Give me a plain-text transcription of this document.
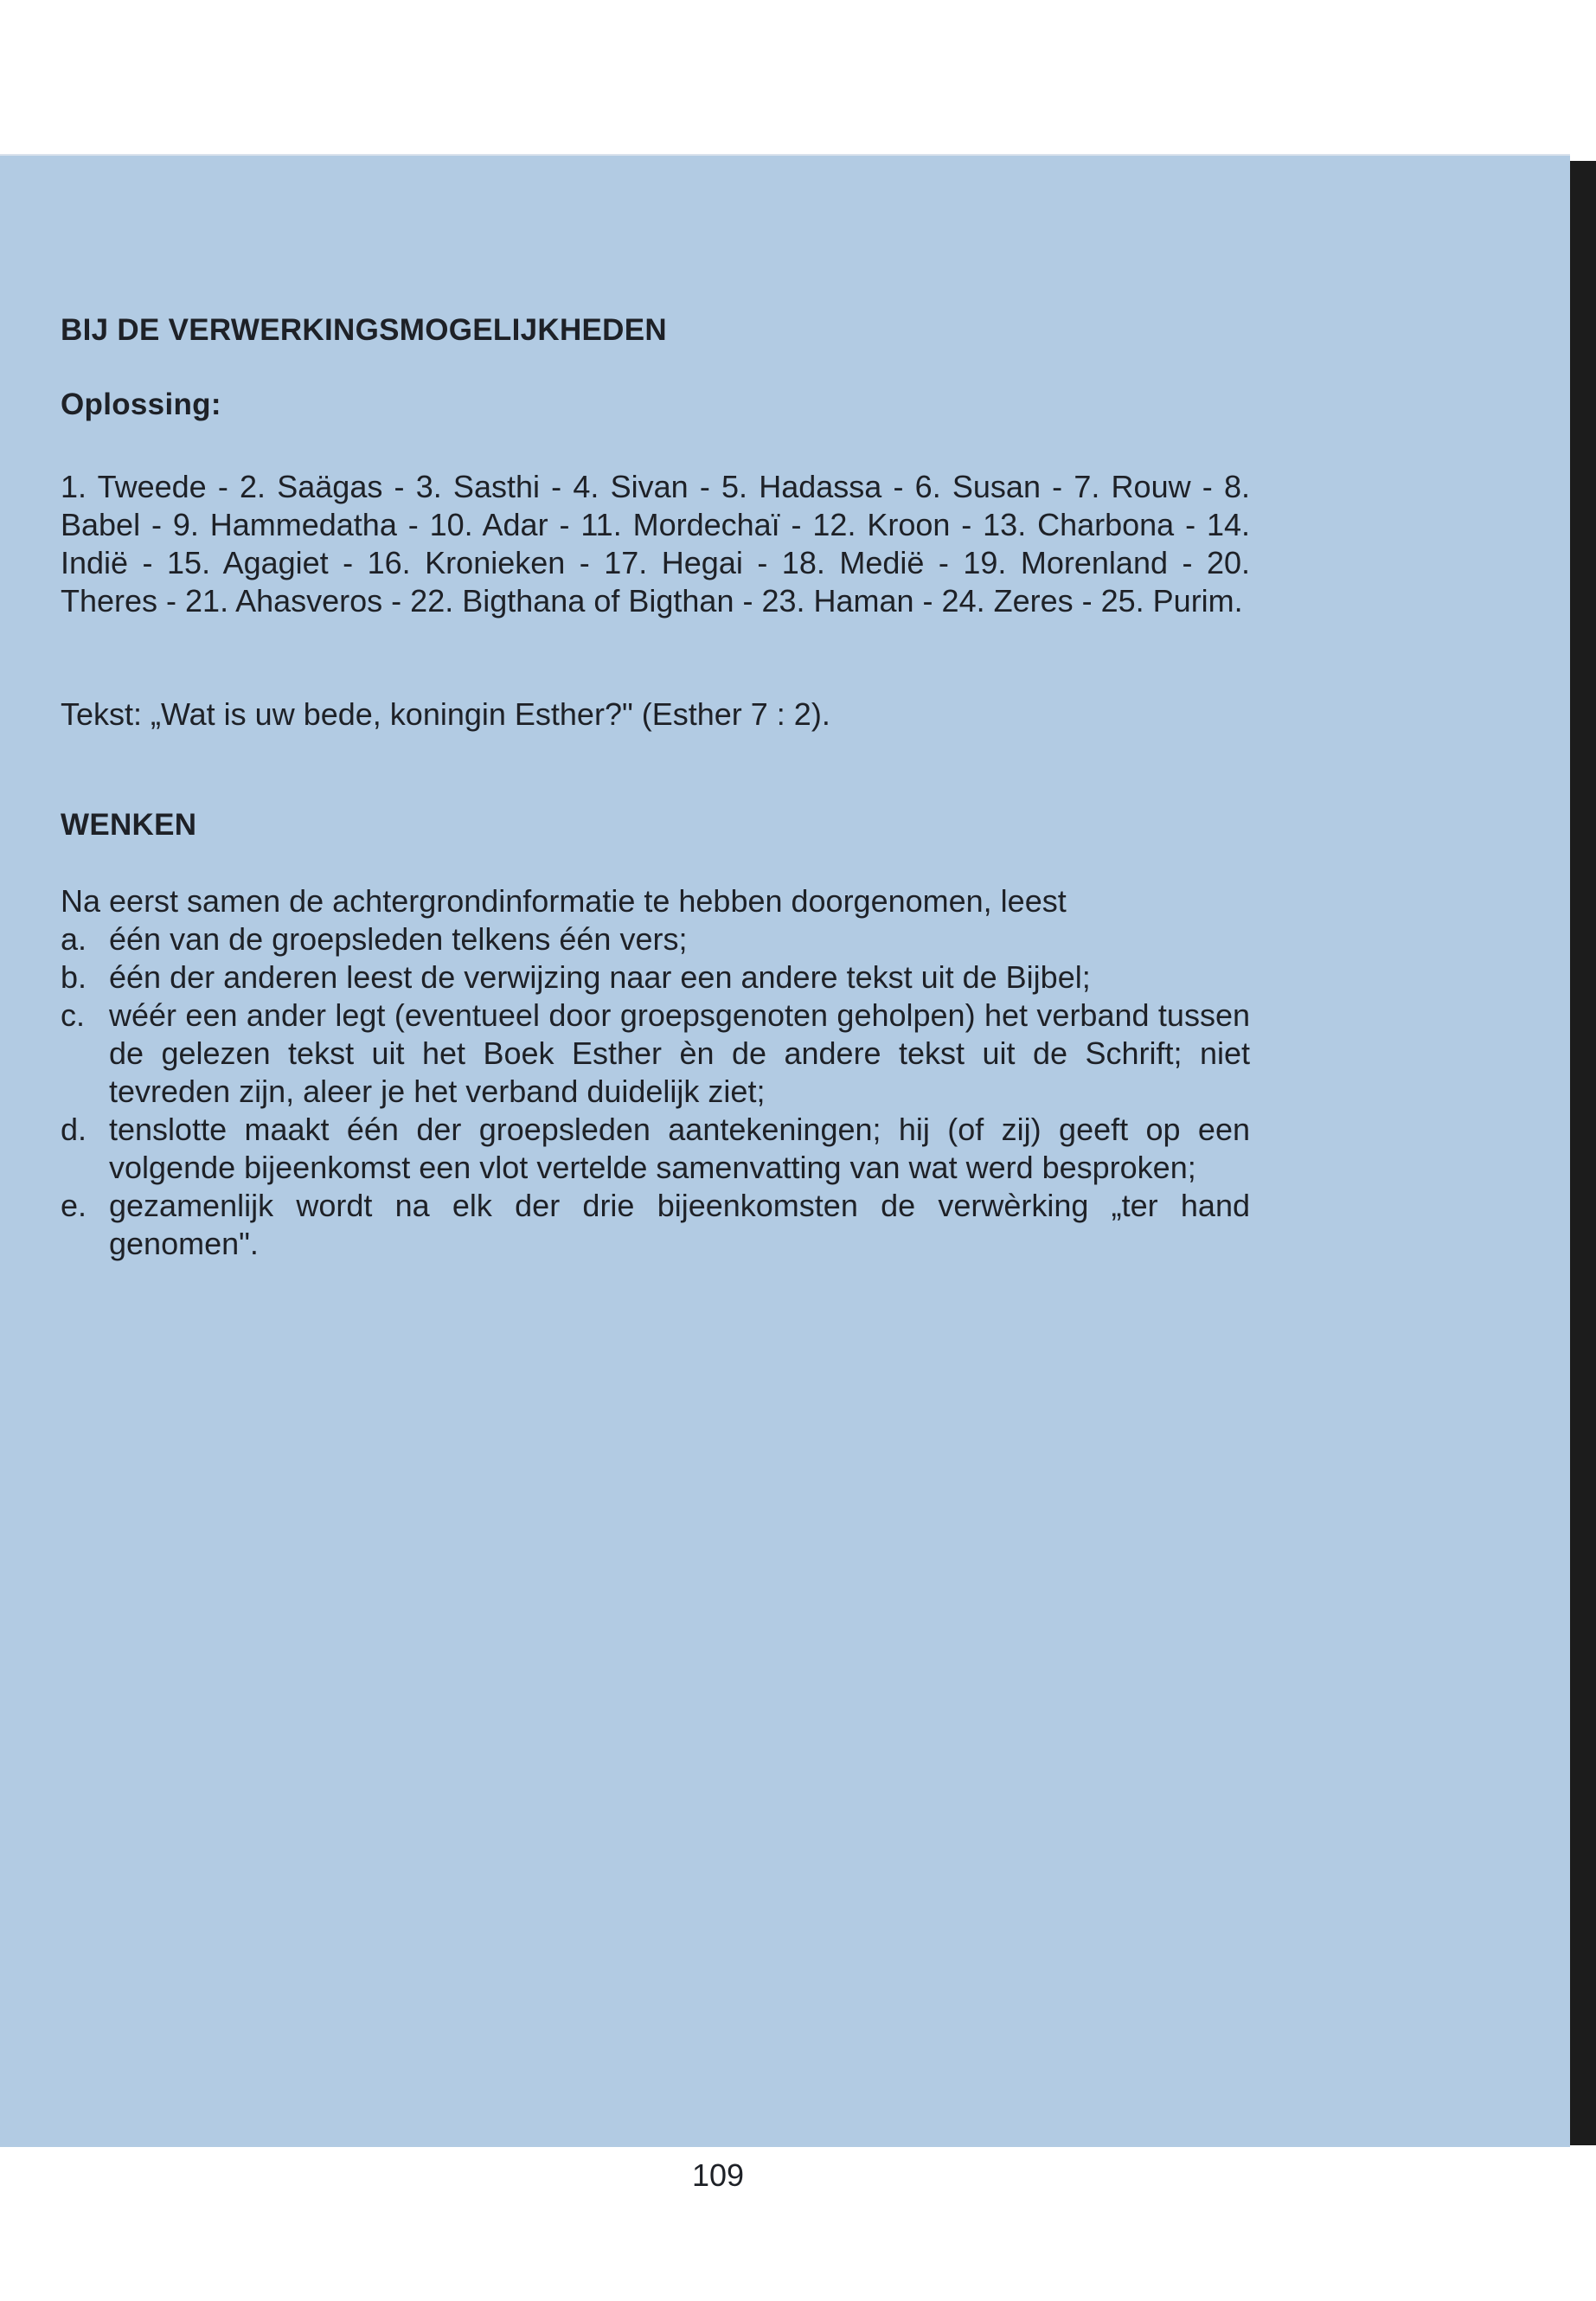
BIJ DE VERWERKINGSMOGELIJKHEDEN
Oplossing:

1. Tweede - 2. Saägas - 3. Sasthi - 4. Sivan - 5. Hadassa - 6. Susan - 7. Rouw - 8. Babel - 9. Hammedatha - 10. Adar - 11. Mordechaï - 12. Kroon - 13. Charbona - 14. Indië - 15. Agagiet - 16. Kronieken - 17. Hegai - 18. Medië - 19. Morenland - 20. Theres - 21. Ahasveros - 22. Bigthana of Bigthan - 23. Haman - 24. Zeres - 25. Purim.

Tekst: „Wat is uw bede, koningin Esther?" (Esther 7 : 2).

WENKEN

Na eerst samen de achtergrondinformatie te hebben doorgenomen, leest

a. één van de groepsleden telkens één vers;
b. één der anderen leest de verwijzing naar een andere tekst uit de Bijbel;
c. wéér een ander legt (eventueel door groepsgenoten geholpen) het verband tussen de gelezen tekst uit het Boek Esther èn de andere tekst uit de Schrift; niet tevreden zijn, aleer je het verband duidelijk ziet;
d. tenslotte maakt één der groepsleden aantekeningen; hij (of zij) geeft op een volgende bijeenkomst een vlot vertelde samenvatting van wat werd besproken;
e. gezamenlijk wordt na elk der drie bijeenkomsten de verwèrking „ter hand genomen".
109
